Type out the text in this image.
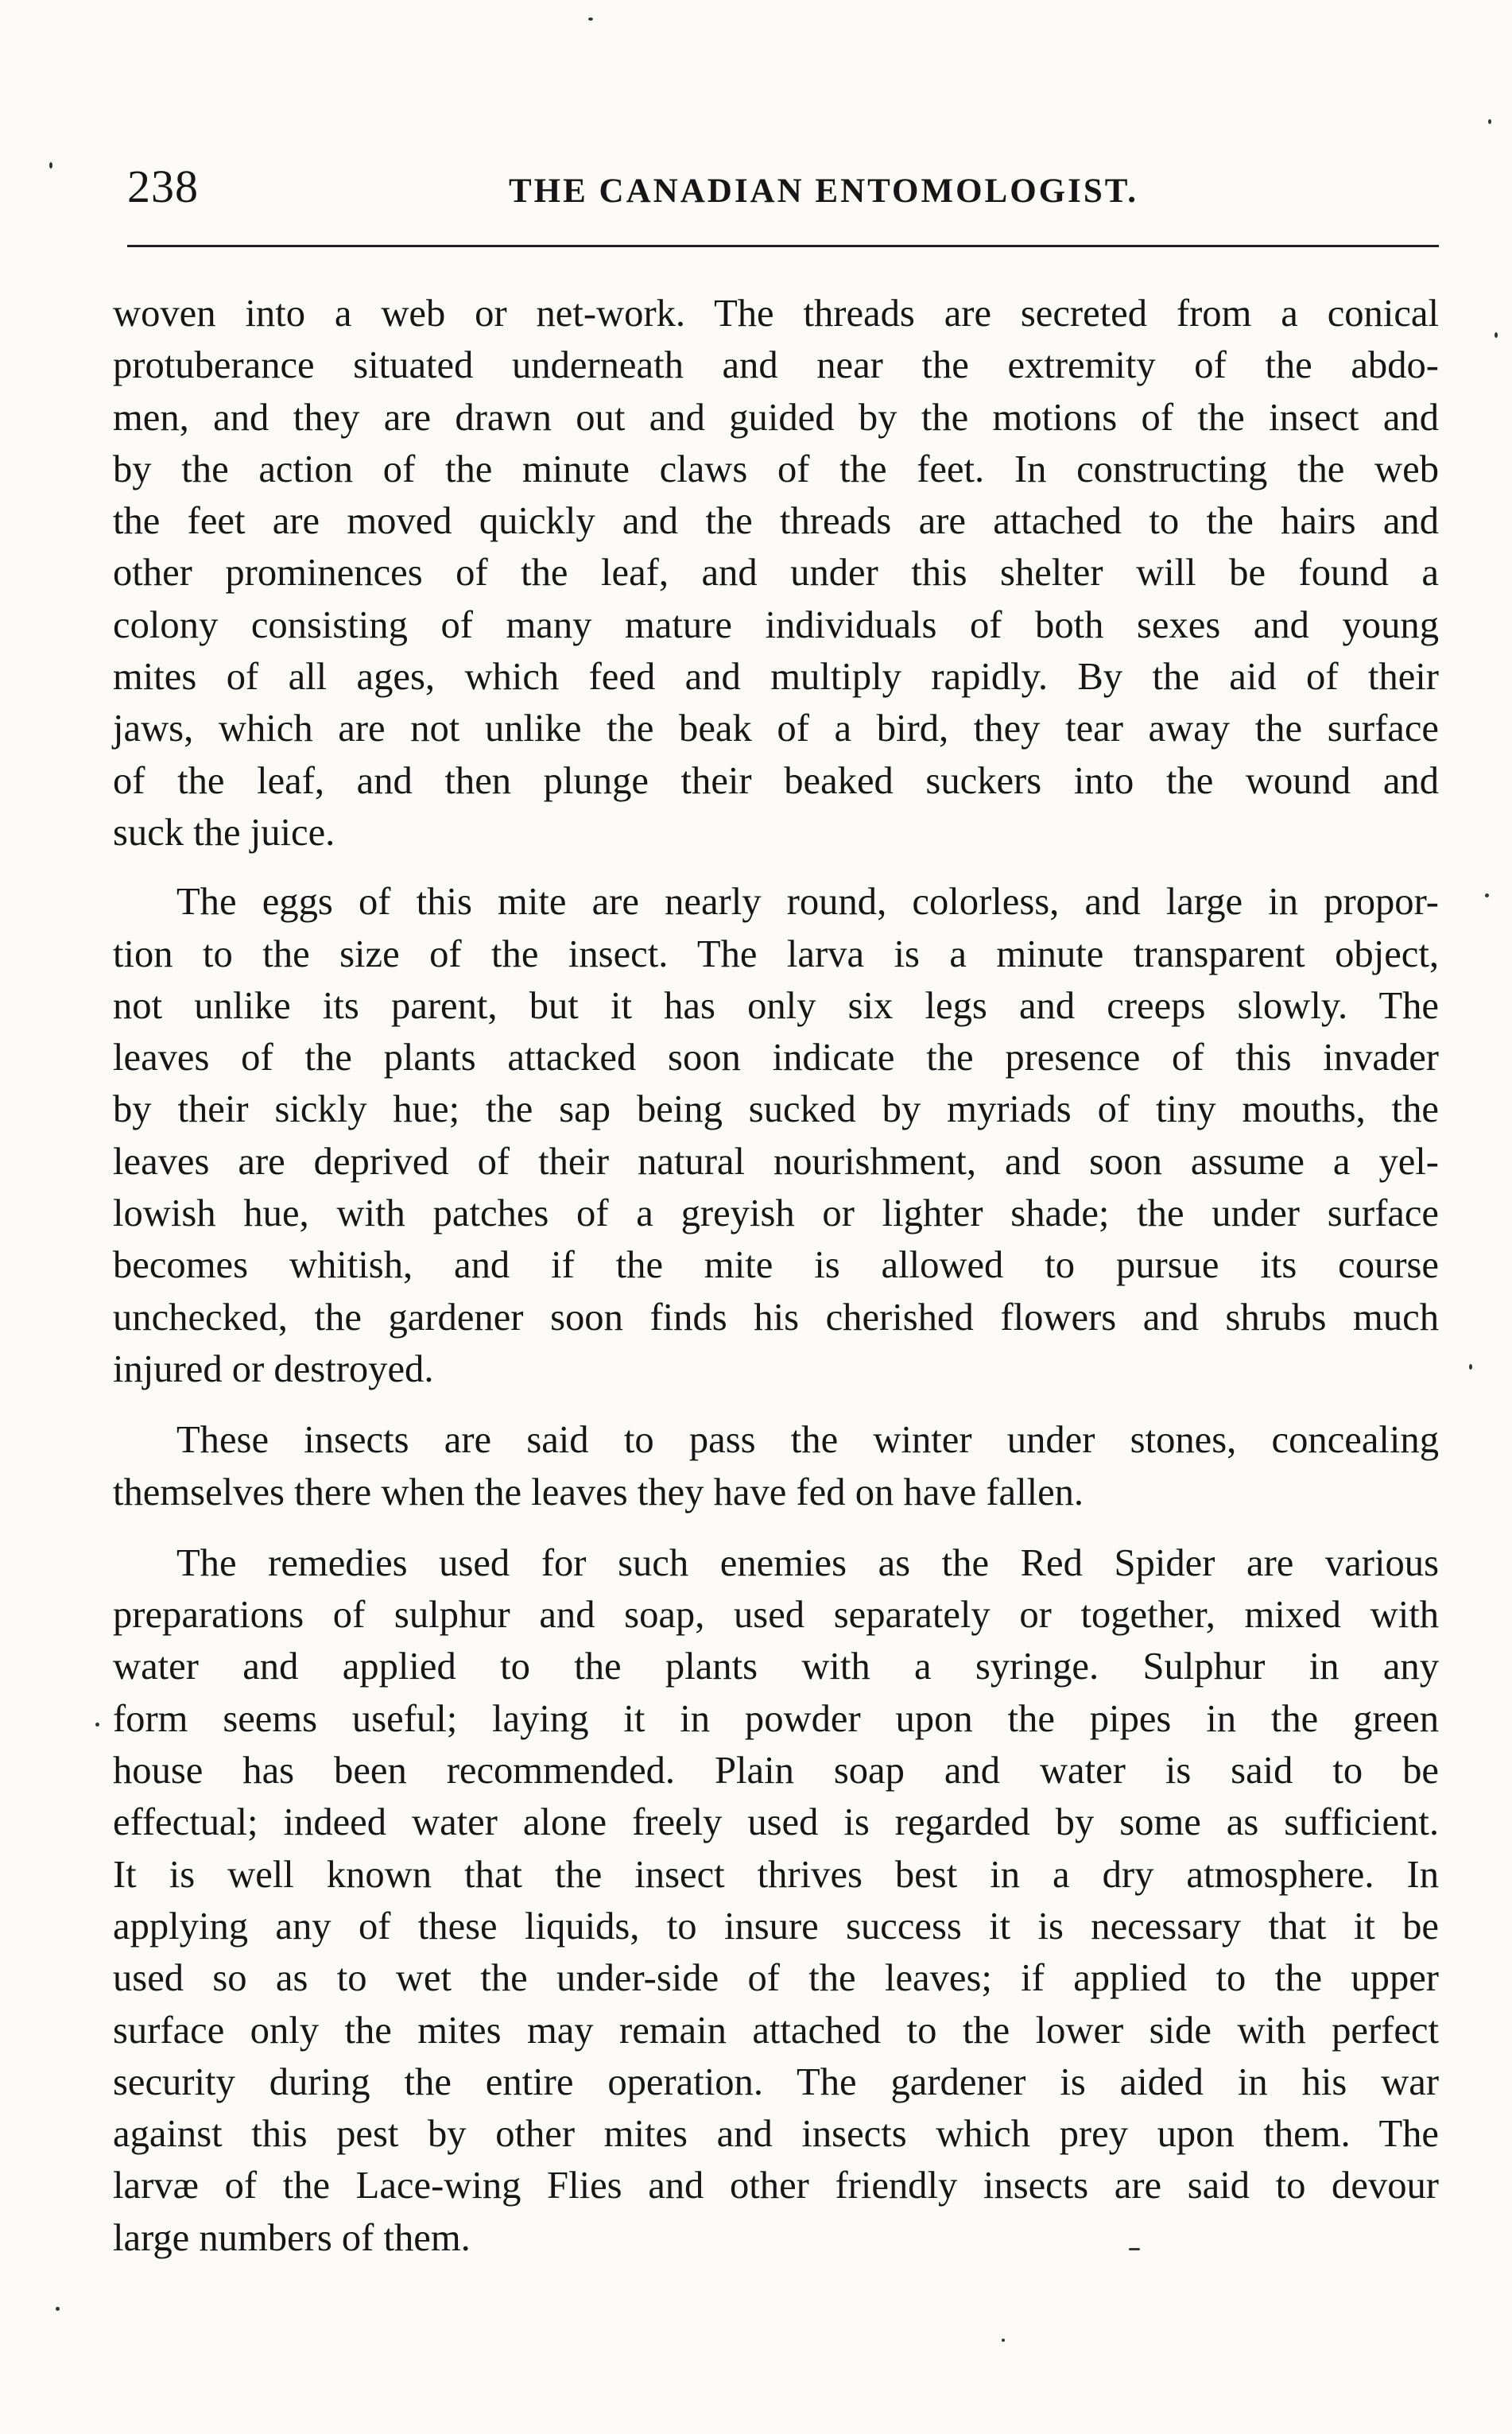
238	THE CANADIAN ENTOMOLOGIST.
woven into a web or net-work. The threads are secreted from a conical
protuberance situated underneath and near the extremity of the abdo-
men, and they are drawn out and guided by the motions of the insect and
by the action of the minute claws of the feet. In constructing the web
the feet are moved quickly and the threads are attached to the hairs and
other prominences of the leaf, and under this shelter will be found a
colony consisting of many mature individuals of both sexes and young
mites of all ages, which feed and multiply rapidly. By the aid of their
jaws, which are not unlike the beak of a bird, they tear away the surface
of the leaf, and then plunge their beaked suckers into the wound and
suck the juice.
The eggs of this mite are nearly round, colorless, and large in propor-
tion to the size of the insect. The larva is a minute transparent object,
not unlike its parent, but it has only six legs and creeps slowly. The
leaves of the plants attacked soon indicate the presence of this invader
by their sickly hue; the sap being sucked by myriads of tiny mouths, the
leaves are deprived of their natural nourishment, and soon assume a yel-
lowish hue, with patches of a greyish or lighter shade; the under surface
becomes whitish, and if the mite is allowed to pursue its course
unchecked, the gardener soon finds his cherished flowers and shrubs much
injured or destroyed.
These insects are said to pass the winter under stones, concealing
themselves there when the leaves they have fed on have fallen.
The remedies used for such enemies as the Red Spider are various
preparations of sulphur and soap, used separately or together, mixed with
water and applied to the plants with a syringe. Sulphur in any
form seems useful; laying it in powder upon the pipes in the green
house has been recommended. Plain soap and water is said to be
effectual; indeed water alone freely used is regarded by some as sufficient.
It is well known that the insect thrives best in a dry atmosphere. In
applying any of these liquids, to insure success it is necessary that it be
used so as to wet the under-side of the leaves; if applied to the upper
surface only the mites may remain attached to the lower side with perfect
security during the entire operation. The gardener is aided in his war
against this pest by other mites and insects which prey upon them. The
larvæ of the Lace-wing Flies and other friendly insects are said to devour
large numbers of them.
